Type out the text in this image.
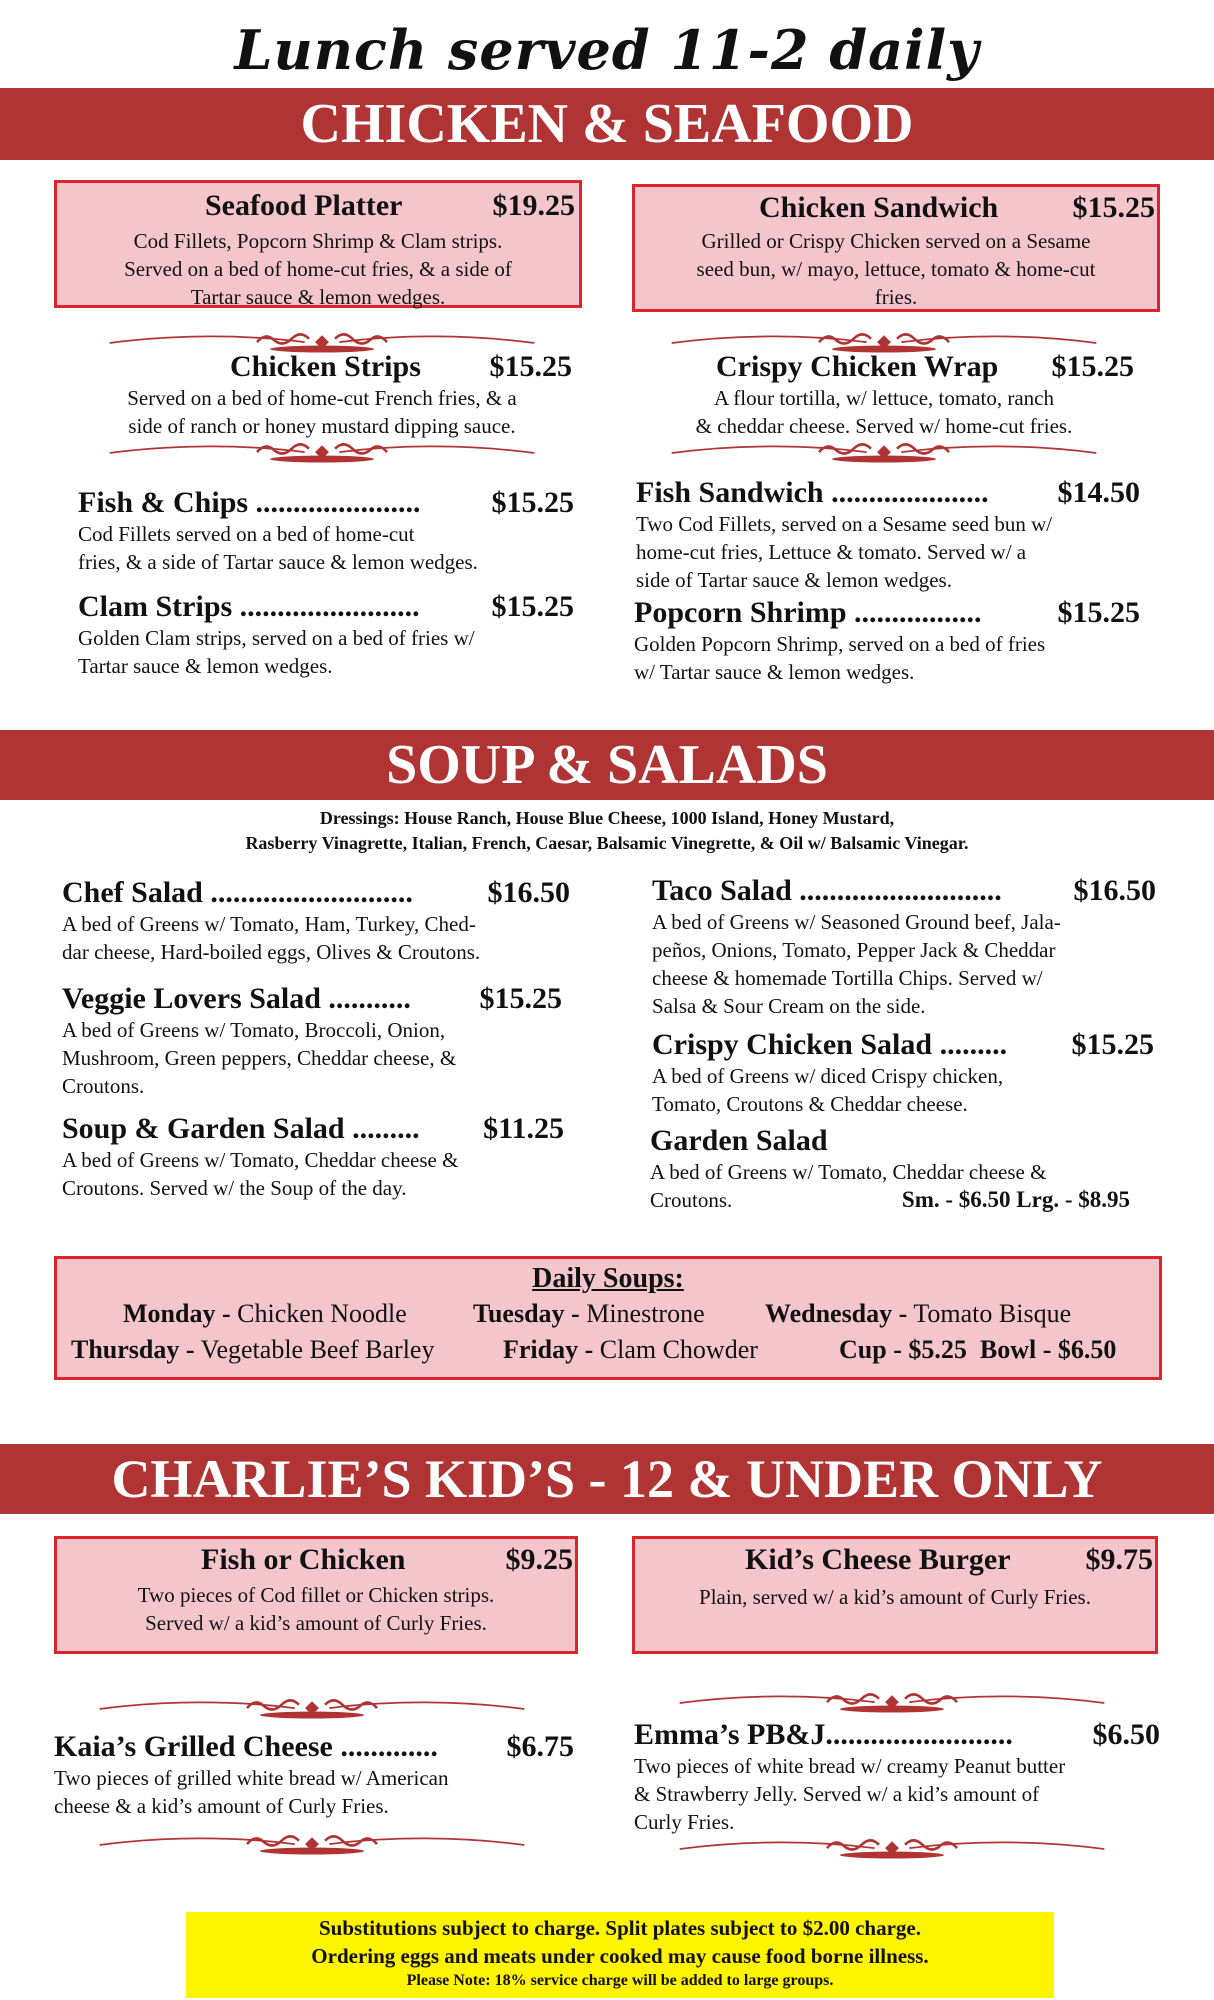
Lunch served 11-2 daily
CHICKEN & SEAFOOD
Seafood Platter	$19.25
Cod Fillets, Popcorn Shrimp & Clam strips.
Served on a bed of home-cut fries, & a side of
Tartar sauce & lemon wedges.
Chicken Sandwich $15.25
Grilled or Crispy Chicken served on a Sesame
seed bun, w/ mayo, lettuce, tomato & home-cut
fries.
Chicken Strips $15.25
Served on a bed of home-cut French fries, & a
side of ranch or honey mustard dipping sauce.
Crispy Chicken Wrap $15.25
A flour tortilla, w/ lettuce, tomato, ranch
& cheddar cheese. Served w/ home-cut fries.
Fish & Chips ...................... $15.25
Cod Fillets served on a bed of home-cut
fries, & a side of Tartar sauce & lemon wedges.
Fish Sandwich ..................... $14.50
Two Cod Fillets, served on a Sesame seed bun w/
home-cut fries, Lettuce & tomato. Served w/ a
side of Tartar sauce & lemon wedges.
Clam Strips ........................ $15.25
Golden Clam strips, served on a bed of fries w/
Tartar sauce & lemon wedges.
Popcorn Shrimp .................	$15.25
Golden Popcorn Shrimp, served on a bed of fries
w/ Tartar sauce & lemon wedges.
SOUP & SALADS
Dressings: House Ranch, House Blue Cheese, 1000 Island, Honey Mustard,
Rasberry Vinagrette, Italian, French, Caesar, Balsamic Vinegrette, & Oil w/ Balsamic Vinegar.
Chef Salad ........................... $16.50
A bed of Greens w/ Tomato, Ham, Turkey, Ched-
dar cheese, Hard-boiled eggs, Olives & Croutons.
Taco Salad ........................... $16.50
A bed of Greens w/ Seasoned Ground beef, Jala-
peños, Onions, Tomato, Pepper Jack & Cheddar
cheese & homemade Tortilla Chips. Served w/
Salsa & Sour Cream on the side.
Veggie Lovers Salad ........... $15.25
A bed of Greens w/ Tomato, Broccoli, Onion,
Mushroom, Green peppers, Cheddar cheese, &
Croutons.
Crispy Chicken Salad ......... $15.25
A bed of Greens w/ diced Crispy chicken,
Tomato, Croutons & Cheddar cheese.
Soup & Garden Salad ......... $11.25
A bed of Greens w/ Tomato, Cheddar cheese &
Croutons. Served w/ the Soup of the day.
Garden Salad
A bed of Greens w/ Tomato, Cheddar cheese &
Croutons.	Sm. - $6.50 Lrg. - $8.95
Daily Soups:
Monday - Chicken Noodle	Tuesday - Minestrone Wednesday - Tomato Bisque
Thursday - Vegetable Beef Barley	Friday - Clam Chowder	Cup - $5.25 Bowl - $6.50
CHARLIE’S KID’S - 12 & UNDER ONLY
Fish or Chicken	$9.25
Two pieces of Cod fillet or Chicken strips.
Served w/ a kid’s amount of Curly Fries.
Kid’s Cheese Burger $9.75
Plain, served w/ a kid’s amount of Curly Fries.
Kaia’s Grilled Cheese ............. $6.75
Two pieces of grilled white bread w/ American
cheese & a kid’s amount of Curly Fries.
Emma’s PB&J.........................	$6.50
Two pieces of white bread w/ creamy Peanut butter
& Strawberry Jelly. Served w/ a kid’s amount of
Curly Fries.
Substitutions subject to charge. Split plates subject to $2.00 charge.
Ordering eggs and meats under cooked may cause food borne illness.
Please Note: 18% service charge will be added to large groups.
